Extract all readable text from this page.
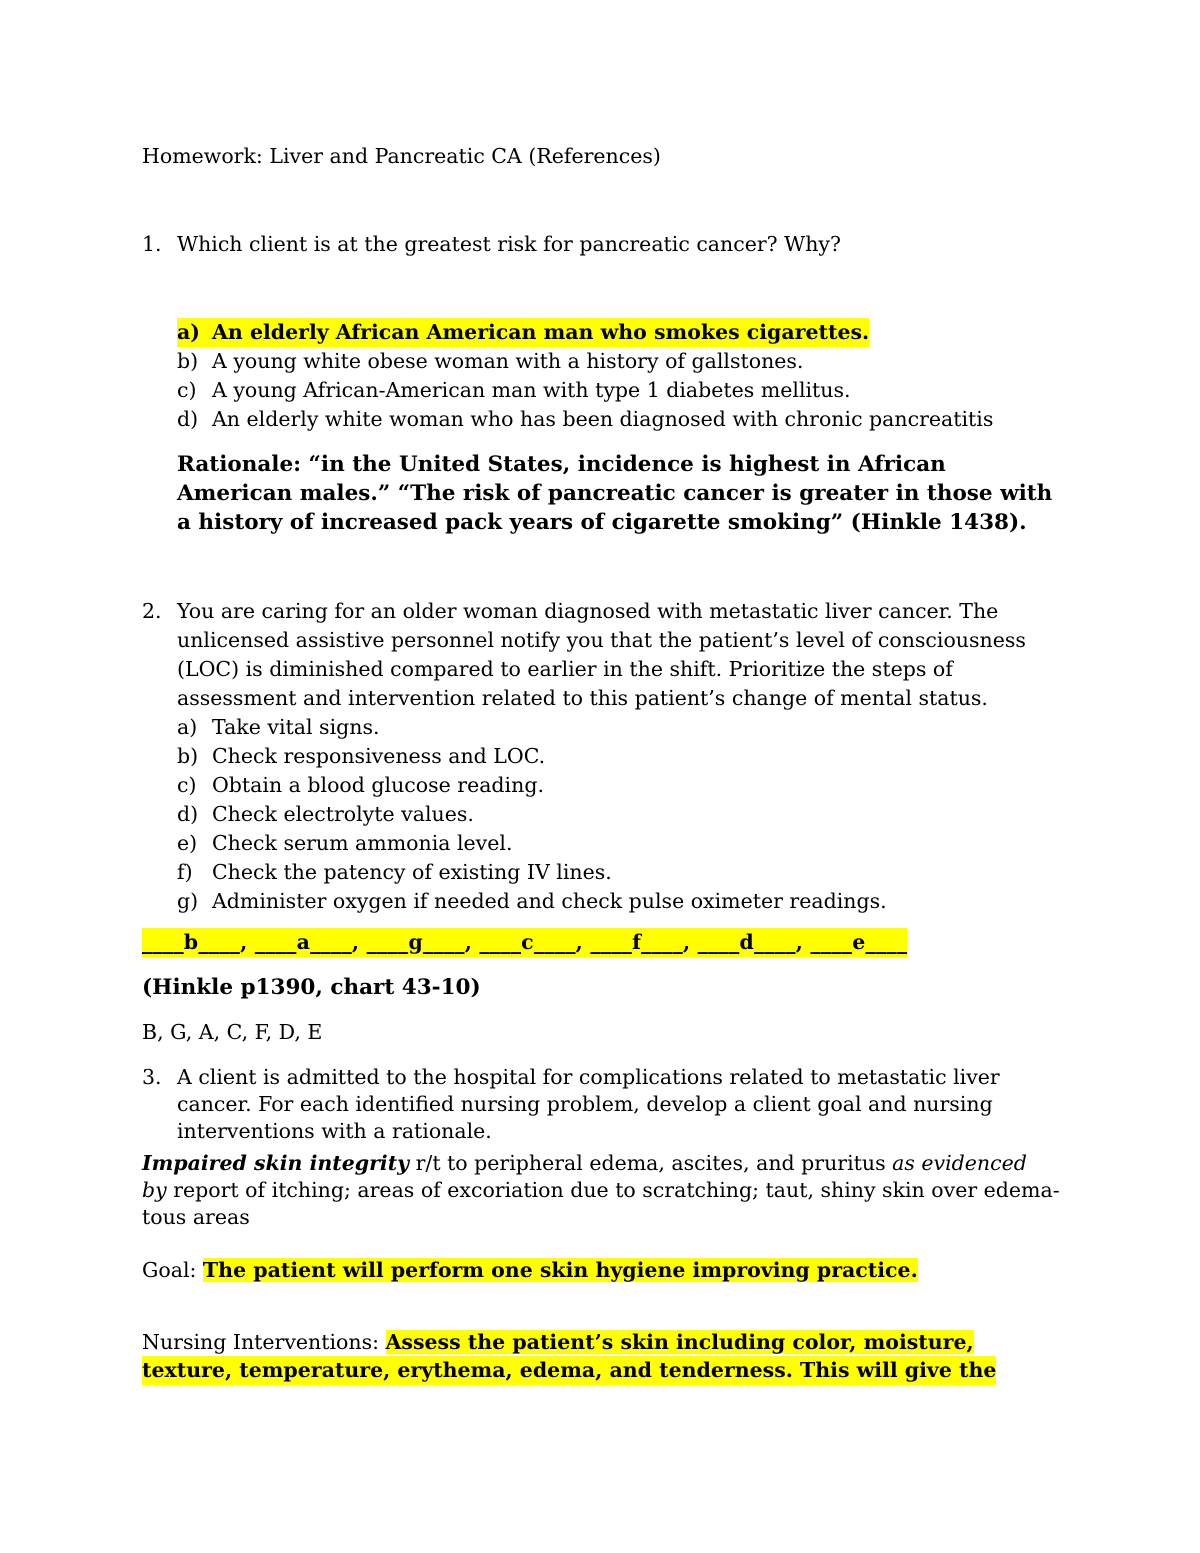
Homework: Liver and Pancreatic CA (References)
1. Which client is at the greatest risk for pancreatic cancer? Why?
a) An elderly African American man who smokes cigarettes.
b) A young white obese woman with a history of gallstones.
c) A young African-American man with type 1 diabetes mellitus.
d) An elderly white woman who has been diagnosed with chronic pancreatitis
Rationale: “in the United States, incidence is highest in African
American males.” “The risk of pancreatic cancer is greater in those with
a history of increased pack years of cigarette smoking” (Hinkle 1438).
2. You are caring for an older woman diagnosed with metastatic liver cancer. The
unlicensed assistive personnel notify you that the patient’s level of consciousness
(LOC) is diminished compared to earlier in the shift. Prioritize the steps of
assessment and intervention related to this patient’s change of mental status.
a) Take vital signs.
b) Check responsiveness and LOC.
c) Obtain a blood glucose reading.
d) Check electrolyte values.
e) Check serum ammonia level.
f) Check the patency of existing IV lines.
g) Administer oxygen if needed and check pulse oximeter readings.
____b____, ____a____, ____g____, ____c____, ____f____, ____d____, ____e____
(Hinkle p1390, chart 43-10)
B, G, A, C, F, D, E
3. A client is admitted to the hospital for complications related to metastatic liver
cancer. For each identified nursing problem, develop a client goal and nursing
interventions with a rationale.
Impaired skin integrity r/t to peripheral edema, ascites, and pruritus as evidenced
by report of itching; areas of excoriation due to scratching; taut, shiny skin over edema-
tous areas
Goal: The patient will perform one skin hygiene improving practice.
Nursing Interventions: Assess the patient’s skin including color, moisture,
texture, temperature, erythema, edema, and tenderness. This will give the
